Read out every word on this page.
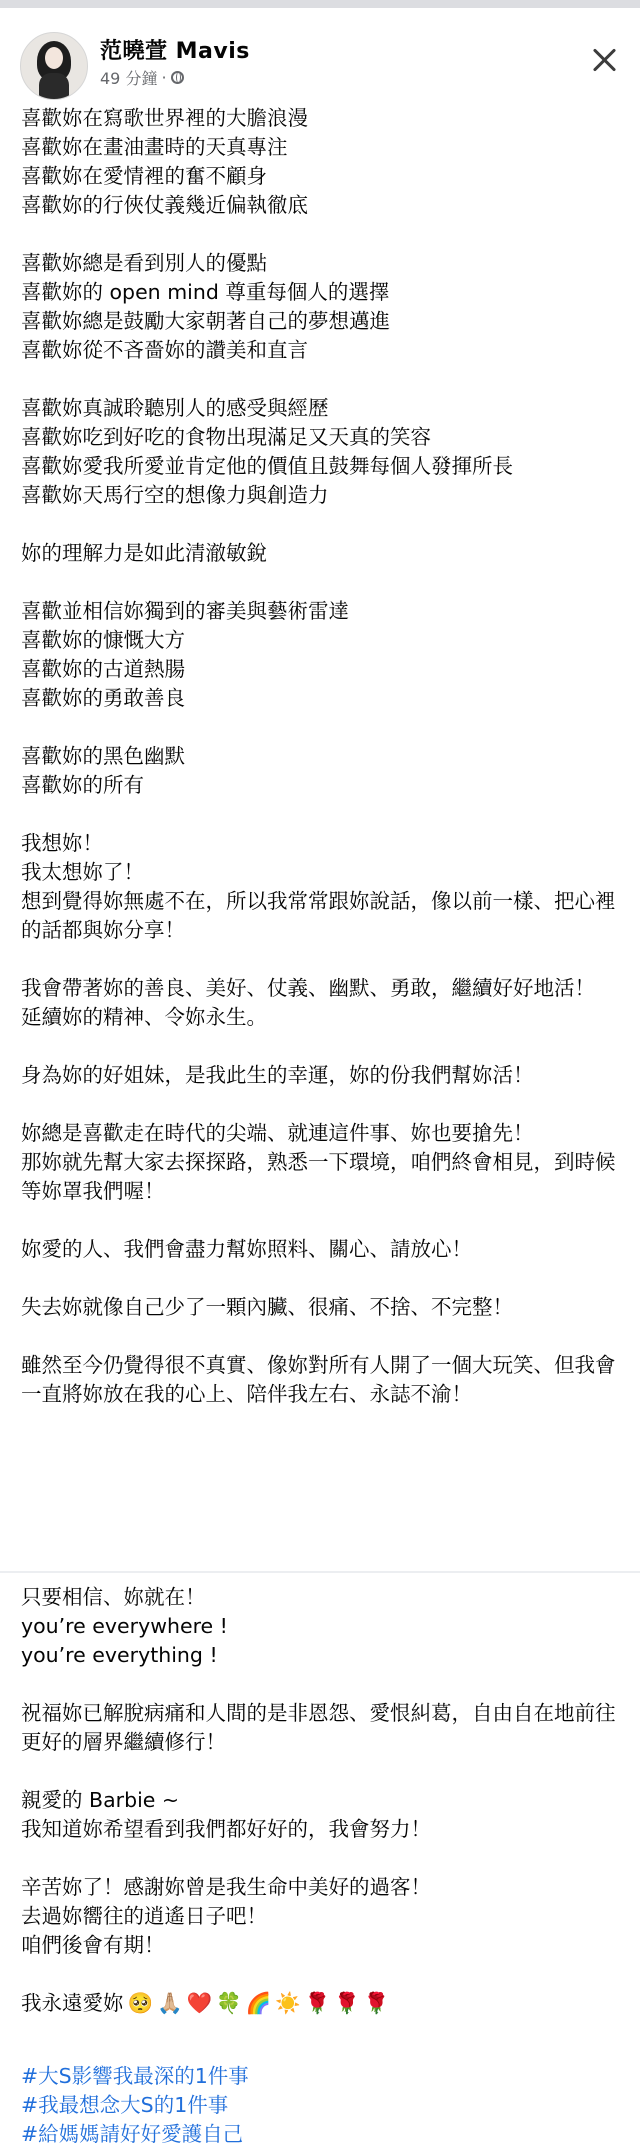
范曉萱 Mavis
49 分鐘 ·

喜歡妳在寫歌世界裡的大膽浪漫

喜歡妳在畫油畫時的天真專注

喜歡妳在愛情裡的奮不顧身

喜歡妳的行俠仗義幾近偏執徹底

喜歡妳總是看到別人的優點

喜歡妳的 open mind 尊重每個人的選擇

喜歡妳總是鼓勵大家朝著自己的夢想邁進

喜歡妳從不吝嗇妳的讚美和直言

喜歡妳真誠聆聽別人的感受與經歷

喜歡妳吃到好吃的食物出現滿足又天真的笑容

喜歡妳愛我所愛並肯定他的價值且鼓舞每個人發揮所長

喜歡妳天馬行空的想像力與創造力

妳的理解力是如此清澈敏銳

喜歡並相信妳獨到的審美與藝術雷達

喜歡妳的慷慨大方

喜歡妳的古道熱腸

喜歡妳的勇敢善良

喜歡妳的黑色幽默

喜歡妳的所有

我想妳！

我太想妳了！

想到覺得妳無處不在，所以我常常跟妳說話，像以前一樣、把心裡的話都與妳分享！

我會帶著妳的善良、美好、仗義、幽默、勇敢，繼續好好地活！

延續妳的精神、令妳永生。

身為妳的好姐妹，是我此生的幸運，妳的份我們幫妳活！

妳總是喜歡走在時代的尖端、就連這件事、妳也要搶先！

那妳就先幫大家去探探路，熟悉一下環境，咱們終會相見，到時候等妳罩我們喔！

妳愛的人、我們會盡力幫妳照料、關心、請放心！

失去妳就像自己少了一顆內臟、很痛、不捨、不完整！

雖然至今仍覺得很不真實、像妳對所有人開了一個大玩笑、但我會一直將妳放在我的心上、陪伴我左右、永誌不渝！

只要相信、妳就在！

you’re everywhere !

you’re everything !

祝福妳已解脫病痛和人間的是非恩怨、愛恨糾葛，自由自在地前往更好的層界繼續修行！

親愛的 Barbie ~

我知道妳希望看到我們都好好的，我會努力！

辛苦妳了！感謝妳曾是我生命中美好的過客！

去過妳嚮往的逍遙日子吧！

咱們後會有期！

我永遠愛妳 🥺 🙏🏼 ❤️ 🍀 🌈 ☀️ 🌹 🌹 🌹
#大S影響我最深的1件事
#我最想念大S的1件事
#給媽媽請好好愛護自己
